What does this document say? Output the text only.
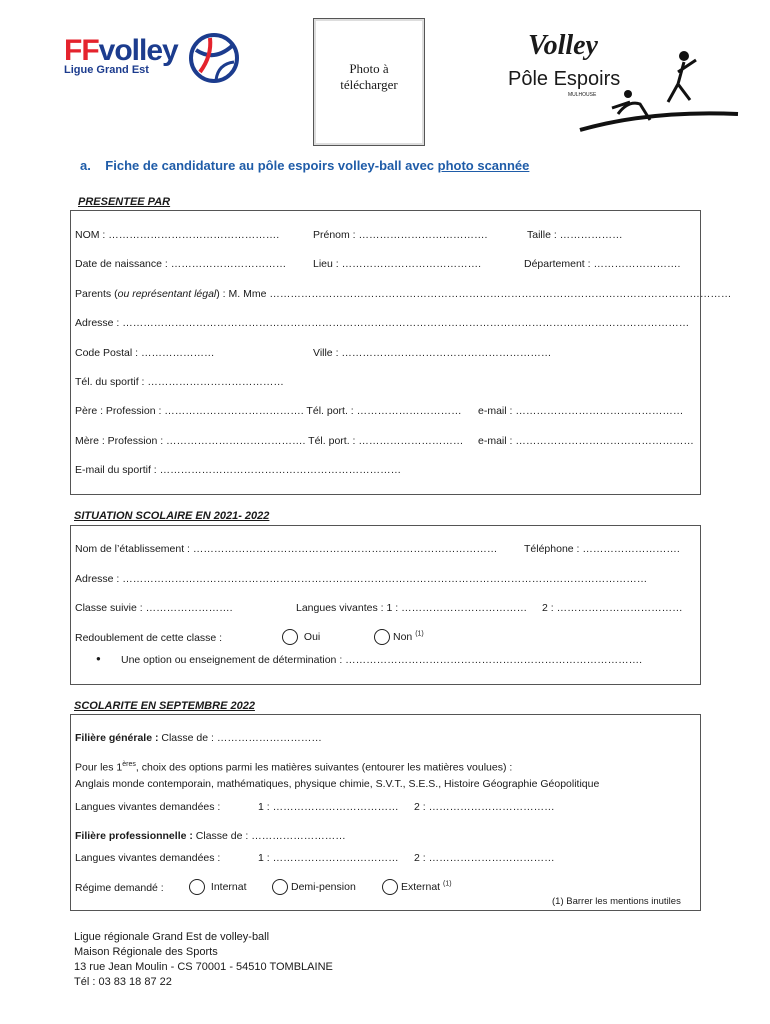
FFvolley
Ligue Grand Est	Photo à
télécharger
Volley
Pôle Espoirs
MULHOUSE
a. Fiche de candidature au pôle espoirs volley-ball avec photo scannée
PRESENTEE PAR
NOM : ………………………………………….	Prénom : ……………………………….	Taille : ………………
Date de naissance : ……………………………	Lieu : ………………………………….	Département : …………………….
Parents (ou représentant légal) : M. Mme ……………………………………………………………………………………………………………………
Adresse : ………………………………………………………………………………………………………………………………………………
Code Postal : …………………	Ville : ……………………………………………………
Tél. du sportif : …………………………………
Père : Profession : …………………………………. Tél. port. : ………………………… e-mail : …………………………………………
Mère : Profession : …………………………………. Tél. port. : ………………………… e-mail : ……………………………………………
E-mail du sportif : ……………………………………………………………
SITUATION SCOLAIRE EN 2021- 2022
Nom de l’établissement : ……………………………………………………………………………	Téléphone : ……………………….
Adresse : ……………………………………………………………………………………………………………………………………
Classe suivie : …………………….	Langues vivantes : 1 : ……………………………… 2 : ………………………………
Redoublement de cette classe :	Oui	Non $^{(1)}$
● Une option ou enseignement de détermination : ………………………………………………………………………….
SCOLARITE EN SEPTEMBRE 2022
Filière générale : Classe de : …………………………
Pour les 1ères, choix des options parmi les matières suivantes (entourer les matières voulues) :
Anglais monde contemporain, mathématiques, physique chimie, S.V.T., S.E.S., Histoire Géographie Géopolitique
Langues vivantes demandées :	1 : ……………………………… 2 : ………………………………
Filière professionnelle : Classe de : ………………………
Langues vivantes demandées :	1 : ……………………………… 2 : ………………………………
Régime demandé :	Internat	Demi-pension	Externat $^{(1)}$
(1) Barrer les mentions inutiles
Ligue régionale Grand Est de volley-ball
Maison Régionale des Sports
13 rue Jean Moulin - CS 70001 - 54510 TOMBLAINE
Tél : 03 83 18 87 22
